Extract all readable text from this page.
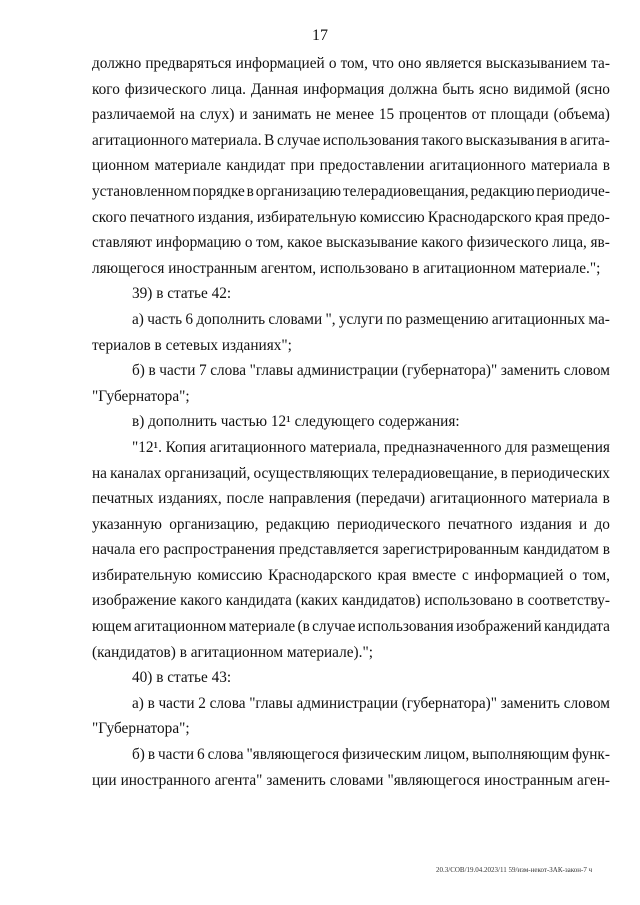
17
должно предваряться информацией о том, что оно является высказыванием та-
кого физического лица. Данная информация должна быть ясно видимой (ясно
различаемой на слух) и занимать не менее 15 процентов от площади (объема)
агитационного материала. В случае использования такого высказывания в агита-
ционном материале кандидат при предоставлении агитационного материала в
установленном порядке в организацию телерадиовещания, редакцию периодиче-
ского печатного издания, избирательную комиссию Краснодарского края предо-
ставляют информацию о том, какое высказывание какого физического лица, яв-
ляющегося иностранным агентом, использовано в агитационном материале.";
39) в статье 42:
а) часть 6 дополнить словами ", услуги по размещению агитационных ма-
териалов в сетевых изданиях";
б) в части 7 слова "главы администрации (губернатора)" заменить словом
"Губернатора";
в) дополнить частью 12¹ следующего содержания:
"12¹. Копия агитационного материала, предназначенного для размещения
на каналах организаций, осуществляющих телерадиовещание, в периодических
печатных изданиях, после направления (передачи) агитационного материала в
указанную организацию, редакцию периодического печатного издания и до
начала его распространения представляется зарегистрированным кандидатом в
избирательную комиссию Краснодарского края вместе с информацией о том,
изображение какого кандидата (каких кандидатов) использовано в соответству-
ющем агитационном материале (в случае использования изображений кандидата
(кандидатов) в агитационном материале).";
40) в статье 43:
а) в части 2 слова "главы администрации (губернатора)" заменить словом
"Губернатора";
б) в части 6 слова "являющегося физическим лицом, выполняющим функ-
ции иностранного агента" заменить словами "являющегося иностранным аген-
20.3/СОВ/19.04.2023/11 59/изм-некот-ЗАК-закон-7 ч
